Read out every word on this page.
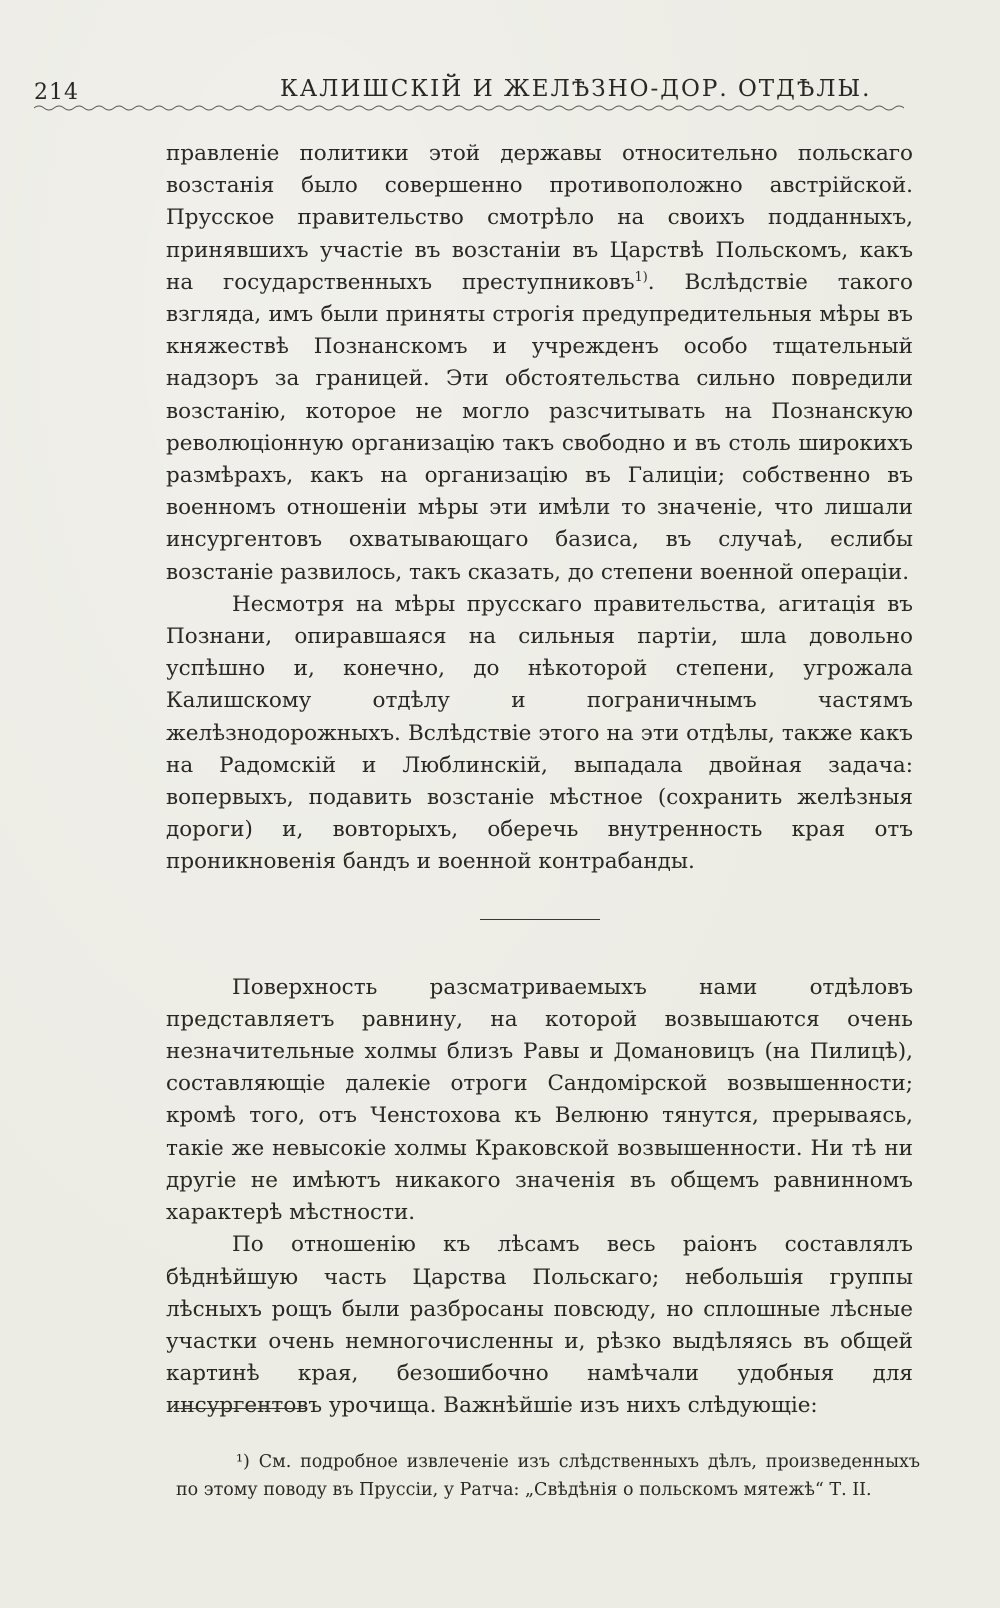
214	КАЛИШСКІЙ И ЖЕЛѢЗНО-ДОР. ОТДѢЛЫ.

правленіе политики этой державы относительно польскаго возстанія было совершенно противоположно австрійской. Прусское правительство смотрѣло на своихъ подданныхъ, принявшихъ участіе въ возстаніи въ Царствѣ Польскомъ, какъ на государственныхъ преступниковъ$^{1)}$. Вслѣдствіе такого взгляда, имъ были приняты строгія предупредительныя мѣры въ княжествѣ Познанскомъ и учрежденъ особо тщательный надзоръ за границей. Эти обстоятельства сильно повредили возстанію, которое не могло разсчитывать на Познанскую революціонную организацію такъ свободно и въ столь широкихъ размѣрахъ, какъ на организацію въ Галиціи; собственно въ военномъ отношеніи мѣры эти имѣли то значеніе, что лишали инсургентовъ охватывающаго базиса, въ случаѣ, еслибы возстаніе развилось, такъ сказать, до степени военной операціи.

Несмотря на мѣры прусскаго правительства, агитація въ Познани, опиравшаяся на сильныя партіи, шла довольно успѣшно и, конечно, до нѣкоторой степени, угрожала Калишскому отдѣлу и пограничнымъ частямъ желѣзнодорожныхъ. Вслѣдствіе этого на эти отдѣлы, также какъ на Радомскій и Люблинскій, выпадала двойная задача: вопервыхъ, подавить возстаніе мѣстное (сохранить желѣзныя дороги) и, вовторыхъ, оберечь внутренность края отъ проникновенія бандъ и военной контрабанды.

Поверхность разсматриваемыхъ нами отдѣловъ представляетъ равнину, на которой возвышаются очень незначительные холмы близъ Равы и Домановицъ (на Пилицѣ), составляющіе далекіе отроги Сандомірской возвышенности; кромѣ того, отъ Ченстохова къ Велюню тянутся, прерываясь, такіе же невысокіе холмы Краковской возвышенности. Ни тѣ ни другіе не имѣютъ никакого значенія въ общемъ равнинномъ характерѣ мѣстности.

По отношенію къ лѣсамъ весь раіонъ составлялъ бѣднѣйшую часть Царства Польскаго; небольшія группы лѣсныхъ рощъ были разбросаны повсюду, но сплошные лѣсные участки очень немногочисленны и, рѣзко выдѣляясь въ общей картинѣ края, безошибочно намѣчали удобныя для инсургентовъ урочища. Важнѣйшіе изъ нихъ слѣдующіе:

¹) См. подробное извлеченіе изъ слѣдственныхъ дѣлъ, произведенныхъ по этому поводу въ Пруссіи, у Ратча: „Свѣдѣнія о польскомъ мятежѣ“ Т. II.
